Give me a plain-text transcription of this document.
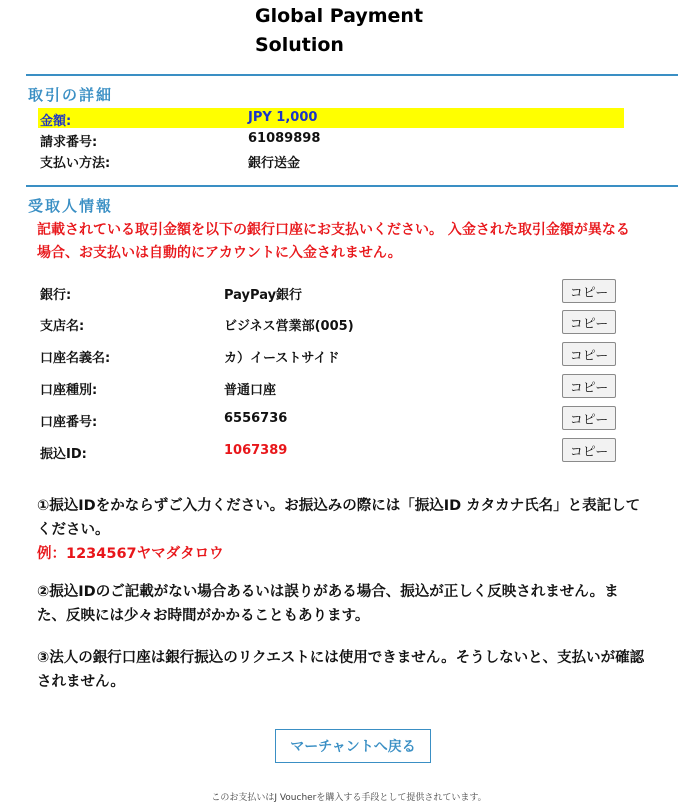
Global Payment
Solution
取引の詳細
金額:	JPY 1,000
請求番号:	61089898
支払い方法:	銀行送金
受取人情報
記載されている取引金額を以下の銀行口座にお支払いください。 入金された取引金額が異なる場合、お支払いは自動的にアカウントに入金されません。
銀行:	PayPay銀行	コピー
支店名:	ビジネス営業部(005)	コピー
口座名義名:	カ）イーストサイド	コピー
口座種別:	普通口座	コピー
口座番号:	6556736	コピー
振込ID:	1067389	コピー
①振込IDをかならずご入力ください。お振込みの際には「振込ID カタカナ氏名」と表記してください。
例：1234567ヤマダタロウ
②振込IDのご記載がない場合あるいは誤りがある場合、振込が正しく反映されません。また、反映には少々お時間がかかることもあります。
③法人の銀行口座は銀行振込のリクエストには使用できません。そうしないと、支払いが確認されません。
マーチャントへ戻る
このお支払いはJ Voucherを購入する手段として提供されています。
